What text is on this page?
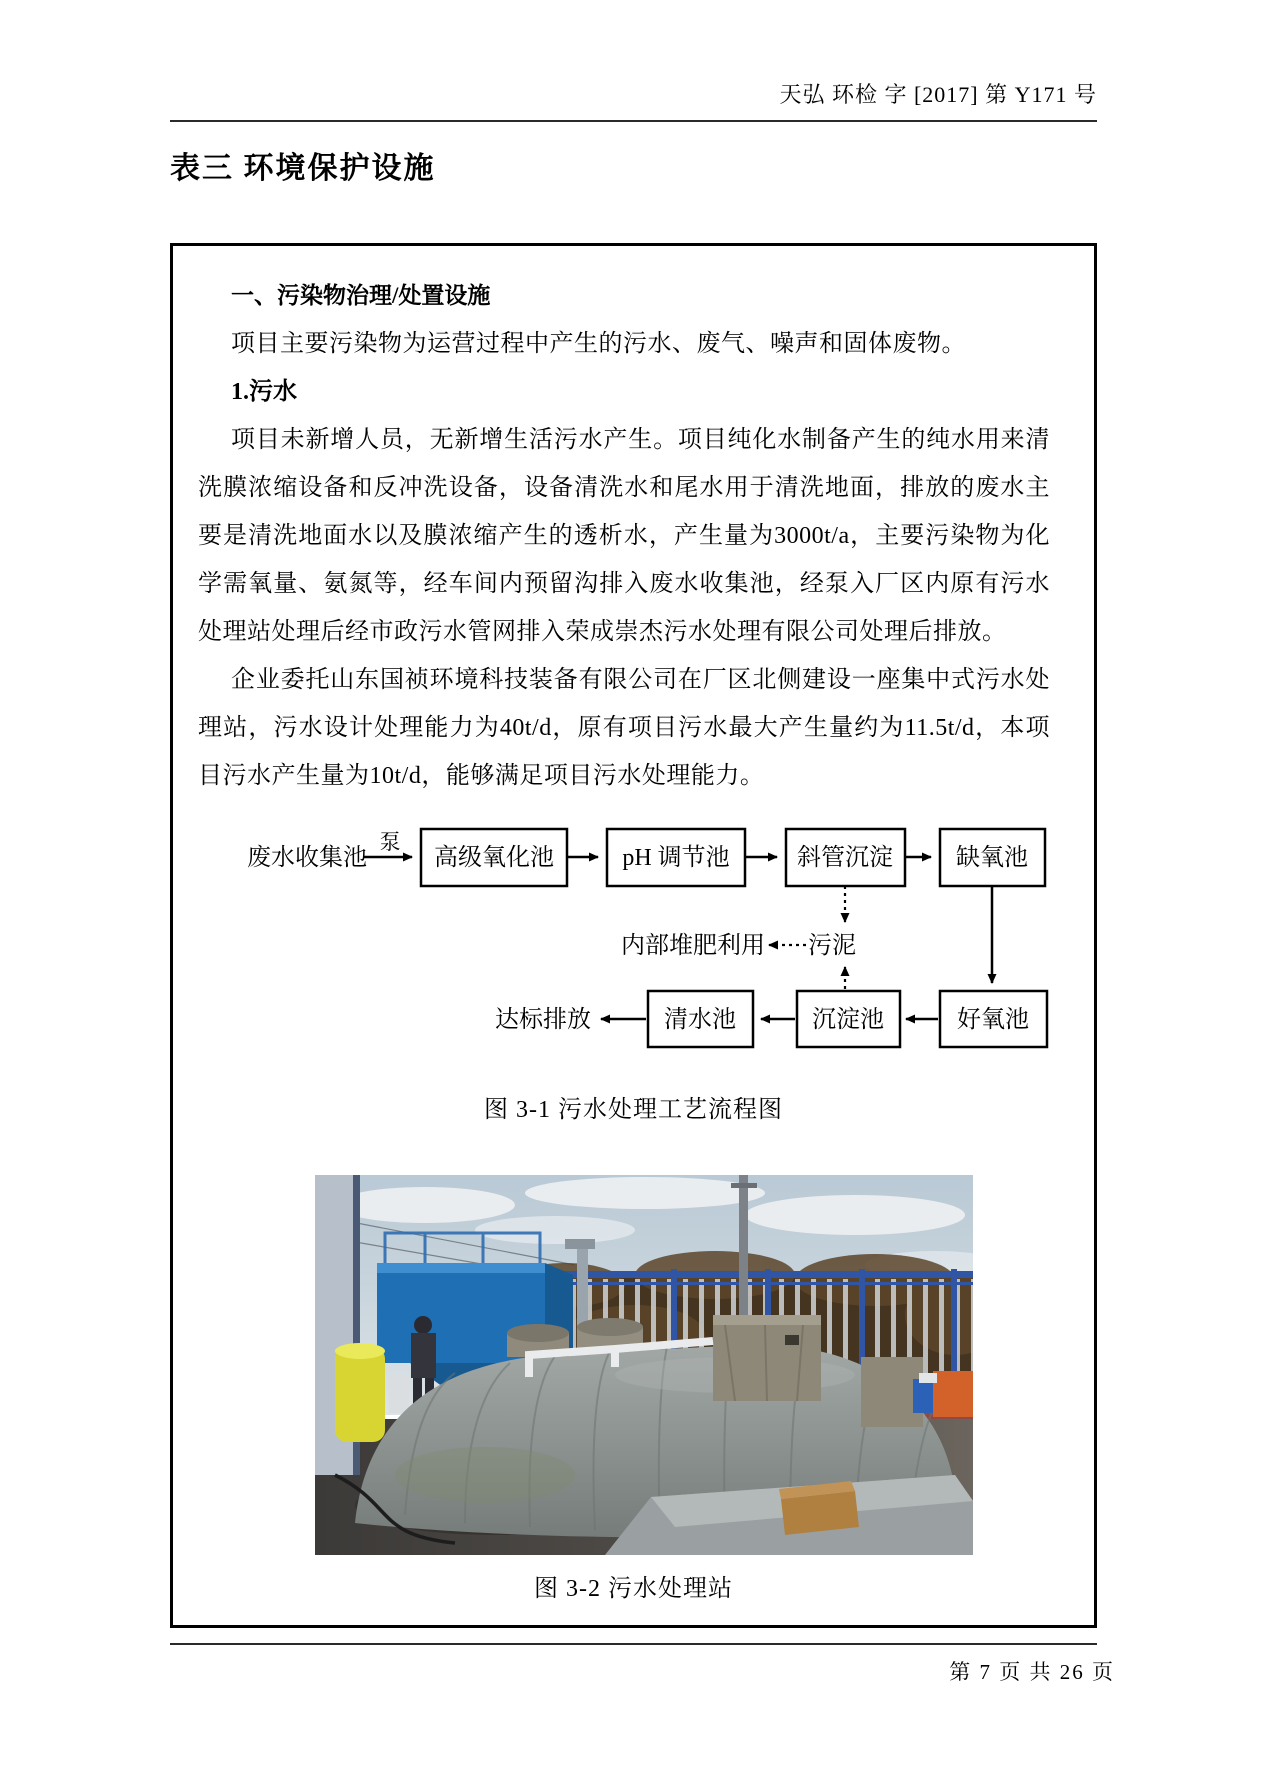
天弘 环检 字 [2017] 第 Y171 号
表三 环境保护设施
一、污染物治理/处置设施
项目主要污染物为运营过程中产生的污水、废气、噪声和固体废物。
1.污水
项目未新增人员，无新增生活污水产生。项目纯化水制备产生的纯水用来清洗膜浓缩设备和反冲洗设备，设备清洗水和尾水用于清洗地面，排放的废水主要是清洗地面水以及膜浓缩产生的透析水，产生量为3000t/a，主要污染物为化学需氧量、氨氮等，经车间内预留沟排入废水收集池，经泵入厂区内原有污水处理站处理后经市政污水管网排入荣成崇杰污水处理有限公司处理后排放。
企业委托山东国祯环境科技装备有限公司在厂区北侧建设一座集中式污水处理站，污水设计处理能力为40t/d，原有项目污水最大产生量约为11.5t/d，本项目污水产生量为10t/d，能够满足项目污水处理能力。
废水收集池
泵
高级氧化池	pH 调节池	斜管沉淀	缺氧池
污泥
内部堆肥利用
好氧池
沉淀池
清水池
达标排放
图 3-1 污水处理工艺流程图
图 3-2 污水处理站
第 7 页 共 26 页
